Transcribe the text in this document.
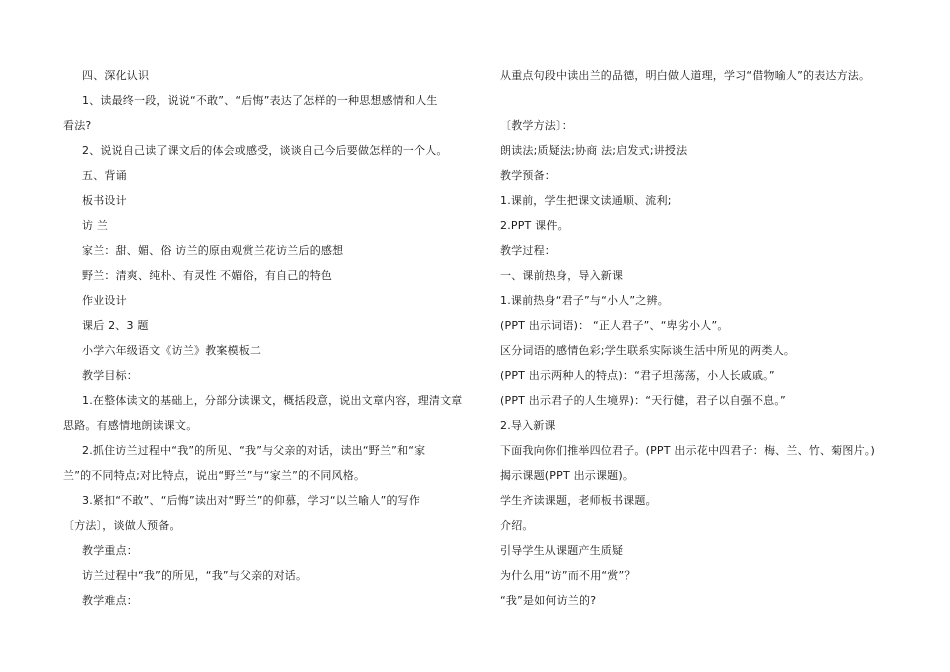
四、深化认识
1、读最终一段，说说“不敢”、“后悔”表达了怎样的一种思想感情和人生
看法?
2、说说自己读了课文后的体会或感受，谈谈自己今后要做怎样的一个人。
五、背诵
板书设计
访 兰
家兰：甜、媚、俗 访兰的原由观赏兰花访兰后的感想
野兰：清爽、纯朴、有灵性 不媚俗，有自己的特色
作业设计
课后 2、3 题
小学六年级语文《访兰》教案模板二
教学目标：
1.在整体读文的基础上，分部分读课文，概括段意，说出文章内容，理清文章
思路。有感情地朗读课文。
2.抓住访兰过程中“我”的所见、“我”与父亲的对话，读出“野兰”和“家
兰”的不同特点;对比特点，说出“野兰”与“家兰”的不同风格。
3.紧扣“不敢”、“后悔”读出对“野兰”的仰慕，学习“以兰喻人”的写作
〔方法〕，谈做人预备。
教学重点：
访兰过程中“我”的所见，“我”与父亲的对话。
教学难点：
从重点句段中读出兰的品德，明白做人道理，学习“借物喻人”的表达方法。
〔教学方法〕：
朗读法;质疑法;协商 法;启发式;讲授法
教学预备：
1.课前，学生把课文读通顺、流利;
2.PPT 课件。
教学过程：
一、课前热身，导入新课
1.课前热身“君子”与“小人”之辨。
(PPT 出示词语)： “正人君子”、“卑劣小人”。
区分词语的感情色彩;学生联系实际谈生活中所见的两类人。
(PPT 出示两种人的特点)：“君子坦荡荡，小人长戚戚。”
(PPT 出示君子的人生境界)：“天行健，君子以自强不息。”
2.导入新课
下面我向你们推举四位君子。(PPT 出示花中四君子：梅、兰、竹、菊图片。)
揭示课题(PPT 出示课题)。
学生齐读课题，老师板书课题。
介绍。
引导学生从课题产生质疑
为什么用“访”而不用“赏”？
“我”是如何访兰的?
